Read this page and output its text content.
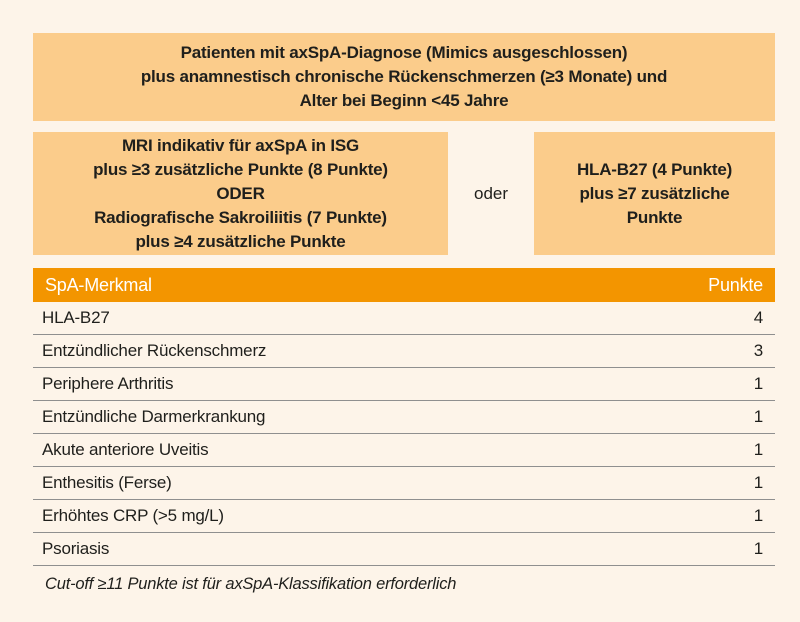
Patienten mit axSpA-Diagnose (Mimics ausgeschlossen)
plus anamnestisch chronische Rückenschmerzen (≥3 Monate) und
Alter bei Beginn <45 Jahre
MRI indikativ für axSpA in ISG
plus ≥3 zusätzliche Punkte (8 Punkte)
ODER
Radiografische Sakroiliitis (7 Punkte)
plus ≥4 zusätzliche Punkte
oder
HLA-B27 (4 Punkte)
plus ≥7 zusätzliche
Punkte
SpA-Merkmal	Punkte
HLA-B27	4
Entzündlicher Rückenschmerz	3
Periphere Arthritis	1
Entzündliche Darmerkrankung	1
Akute anteriore Uveitis	1
Enthesitis (Ferse)	1
Erhöhtes CRP (>5 mg/L)	1
Psoriasis	1
Cut-off ≥11 Punkte ist für axSpA-Klassifikation erforderlich
